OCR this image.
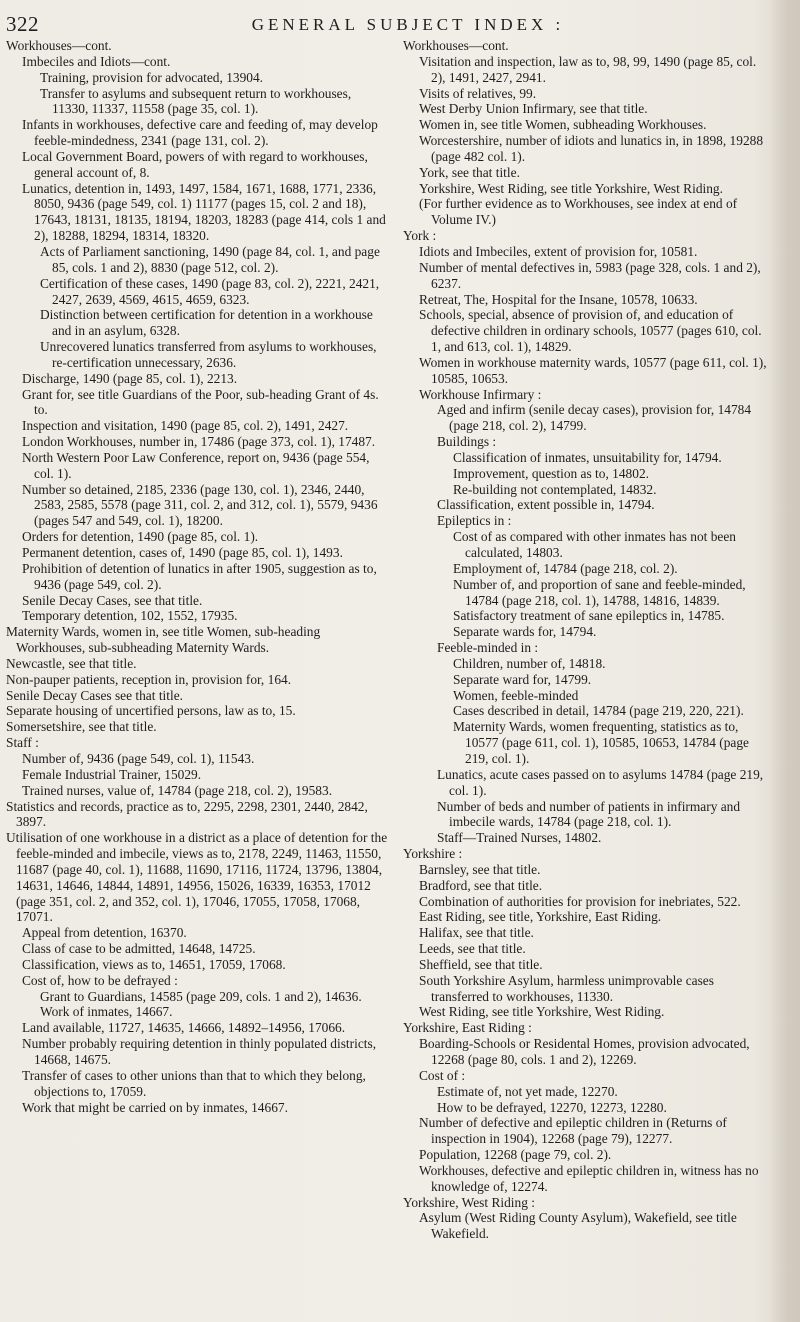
322	GENERAL SUBJECT INDEX :

Workhouses—cont.

Imbeciles and Idiots—cont.

Training, provision for advocated, 13904.

Transfer to asylums and subsequent return to workhouses, 11330, 11337, 11558 (page 35, col. 1).

Infants in workhouses, defective care and feeding of, may develop feeble-mindedness, 2341 (page 131, col. 2).

Local Government Board, powers of with regard to workhouses, general account of, 8.

Lunatics, detention in, 1493, 1497, 1584, 1671, 1688, 1771, 2336, 8050, 9436 (page 549, col. 1) 11177 (pages 15, col. 2 and 18), 17643, 18131, 18135, 18194, 18203, 18283 (page 414, cols 1 and 2), 18288, 18294, 18314, 18320.

Acts of Parliament sanctioning, 1490 (page 84, col. 1, and page 85, cols. 1 and 2), 8830 (page 512, col. 2).

Certification of these cases, 1490 (page 83, col. 2), 2221, 2421, 2427, 2639, 4569, 4615, 4659, 6323.

Distinction between certification for detention in a workhouse and in an asylum, 6328.

Unrecovered lunatics transferred from asylums to workhouses, re-certification unnecessary, 2636.

Discharge, 1490 (page 85, col. 1), 2213.

Grant for, see title Guardians of the Poor, sub-heading Grant of 4s. to.

Inspection and visitation, 1490 (page 85, col. 2), 1491, 2427.

London Workhouses, number in, 17486 (page 373, col. 1), 17487.

North Western Poor Law Conference, report on, 9436 (page 554, col. 1).

Number so detained, 2185, 2336 (page 130, col. 1), 2346, 2440, 2583, 2585, 5578 (page 311, col. 2, and 312, col. 1), 5579, 9436 (pages 547 and 549, col. 1), 18200.

Orders for detention, 1490 (page 85, col. 1).

Permanent detention, cases of, 1490 (page 85, col. 1), 1493.

Prohibition of detention of lunatics in after 1905, suggestion as to, 9436 (page 549, col. 2).

Senile Decay Cases, see that title.

Temporary detention, 102, 1552, 17935.

Maternity Wards, women in, see title Women, sub-heading Workhouses, sub-subheading Maternity Wards.

Newcastle, see that title.

Non-pauper patients, reception in, provision for, 164.

Senile Decay Cases see that title.

Separate housing of uncertified persons, law as to, 15.

Somersetshire, see that title.

Staff :

Number of, 9436 (page 549, col. 1), 11543.

Female Industrial Trainer, 15029.

Trained nurses, value of, 14784 (page 218, col. 2), 19583.

Statistics and records, practice as to, 2295, 2298, 2301, 2440, 2842, 3897.

Utilisation of one workhouse in a district as a place of detention for the feeble-minded and imbecile, views as to, 2178, 2249, 11463, 11550, 11687 (page 40, col. 1), 11688, 11690, 17116, 11724, 13796, 13804, 14631, 14646, 14844, 14891, 14956, 15026, 16339, 16353, 17012 (page 351, col. 2, and 352, col. 1), 17046, 17055, 17058, 17068, 17071.

Appeal from detention, 16370.

Class of case to be admitted, 14648, 14725.

Classification, views as to, 14651, 17059, 17068.

Cost of, how to be defrayed :

Grant to Guardians, 14585 (page 209, cols. 1 and 2), 14636.

Work of inmates, 14667.

Land available, 11727, 14635, 14666, 14892–14956, 17066.

Number probably requiring detention in thinly populated districts, 14668, 14675.

Transfer of cases to other unions than that to which they belong, objections to, 17059.

Work that might be carried on by inmates, 14667.

Workhouses—cont.

Visitation and inspection, law as to, 98, 99, 1490 (page 85, col. 2), 1491, 2427, 2941.

Visits of relatives, 99.

West Derby Union Infirmary, see that title.

Women in, see title Women, subheading Workhouses.

Worcestershire, number of idiots and lunatics in, in 1898, 19288 (page 482 col. 1).

York, see that title.

Yorkshire, West Riding, see title Yorkshire, West Riding.

(For further evidence as to Workhouses, see index at end of Volume IV.)

York :

Idiots and Imbeciles, extent of provision for, 10581.

Number of mental defectives in, 5983 (page 328, cols. 1 and 2), 6237.

Retreat, The, Hospital for the Insane, 10578, 10633.

Schools, special, absence of provision of, and education of defective children in ordinary schools, 10577 (pages 610, col. 1, and 613, col. 1), 14829.

Women in workhouse maternity wards, 10577 (page 611, col. 1), 10585, 10653.

Workhouse Infirmary :

Aged and infirm (senile decay cases), provision for, 14784 (page 218, col. 2), 14799.

Buildings :

Classification of inmates, unsuitability for, 14794.

Improvement, question as to, 14802.

Re-building not contemplated, 14832.

Classification, extent possible in, 14794.

Epileptics in :

Cost of as compared with other inmates has not been calculated, 14803.

Employment of, 14784 (page 218, col. 2).

Number of, and proportion of sane and feeble-minded, 14784 (page 218, col. 1), 14788, 14816, 14839.

Satisfactory treatment of sane epileptics in, 14785.

Separate wards for, 14794.

Feeble-minded in :

Children, number of, 14818.

Separate ward for, 14799.

Women, feeble-minded

Cases described in detail, 14784 (page 219, 220, 221).

Maternity Wards, women frequenting, statistics as to, 10577 (page 611, col. 1), 10585, 10653, 14784 (page 219, col. 1).

Lunatics, acute cases passed on to asylums 14784 (page 219, col. 1).

Number of beds and number of patients in infirmary and imbecile wards, 14784 (page 218, col. 1).

Staff—Trained Nurses, 14802.

Yorkshire :

Barnsley, see that title.

Bradford, see that title.

Combination of authorities for provision for inebriates, 522.

East Riding, see title, Yorkshire, East Riding.

Halifax, see that title.

Leeds, see that title.

Sheffield, see that title.

South Yorkshire Asylum, harmless unimprovable cases transferred to workhouses, 11330.

West Riding, see title Yorkshire, West Riding.

Yorkshire, East Riding :

Boarding-Schools or Residental Homes, provision advocated, 12268 (page 80, cols. 1 and 2), 12269.

Cost of :

Estimate of, not yet made, 12270.

How to be defrayed, 12270, 12273, 12280.

Number of defective and epileptic children in (Returns of inspection in 1904), 12268 (page 79), 12277.

Population, 12268 (page 79, col. 2).

Workhouses, defective and epileptic children in, witness has no knowledge of, 12274.

Yorkshire, West Riding :

Asylum (West Riding County Asylum), Wakefield, see title Wakefield.
